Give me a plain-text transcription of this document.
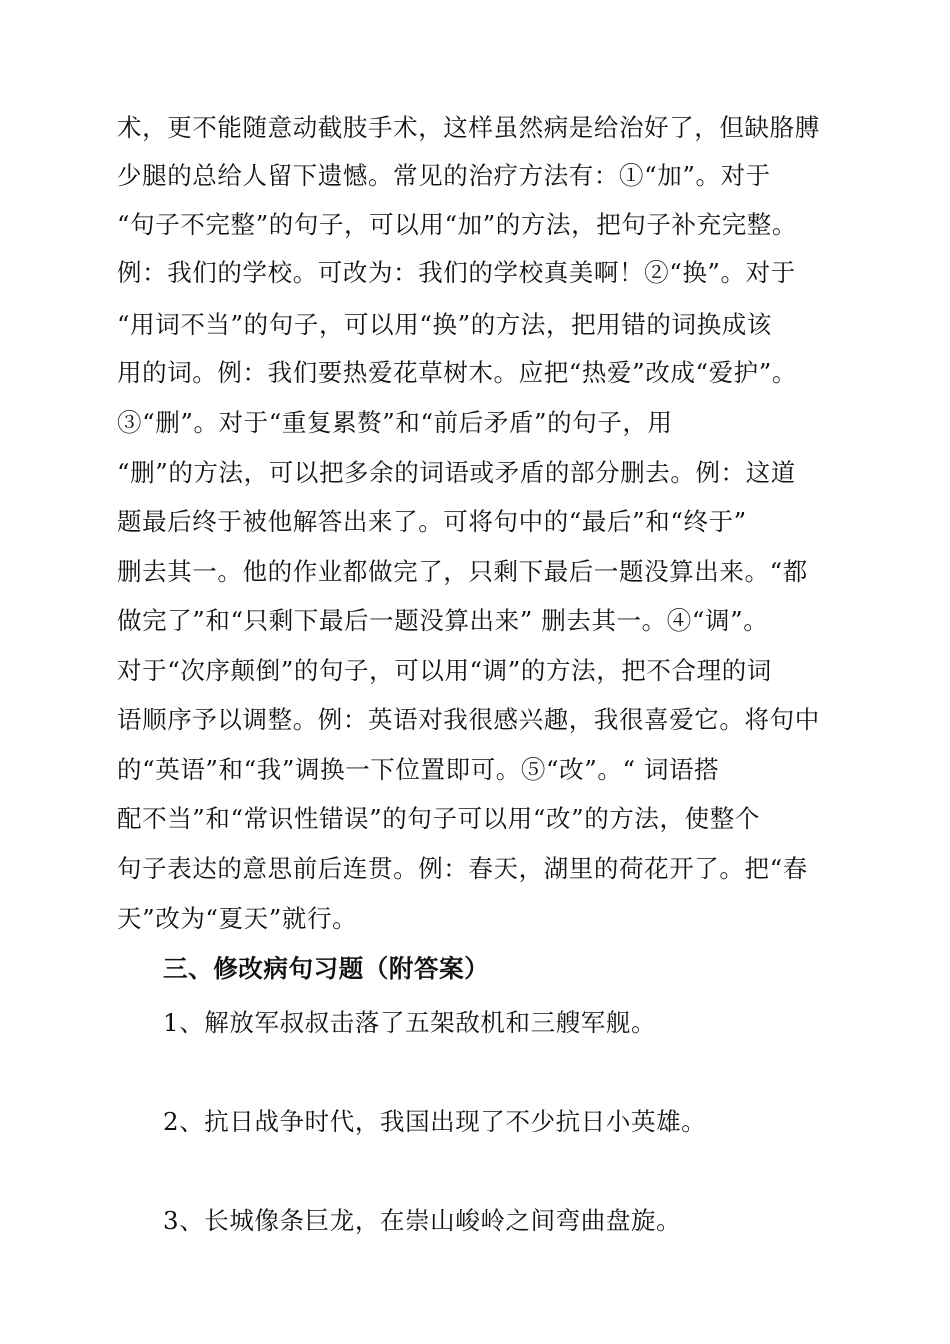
术，更不能随意动截肢手术，这样虽然病是给治好了，但缺胳膊
少腿的总给人留下遗憾。常见的治疗方法有：①“加”。对于
“句子不完整”的句子，可以用“加”的方法，把句子补充完整。
例：我们的学校。可改为：我们的学校真美啊！②“换”。对于
“用词不当”的句子，可以用“换”的方法，把用错的词换成该
用的词。例：我们要热爱花草树木。应把“热爱”改成“爱护”。
③“删”。对于“重复累赘”和“前后矛盾”的句子，用
“删”的方法，可以把多余的词语或矛盾的部分删去。例：这道
题最后终于被他解答出来了。可将句中的“最后”和“终于”
删去其一。他的作业都做完了，只剩下最后一题没算出来。“都
做完了”和“只剩下最后一题没算出来” 删去其一。④“调”。
对于“次序颠倒”的句子，可以用“调”的方法，把不合理的词
语顺序予以调整。例：英语对我很感兴趣，我很喜爱它。将句中
的“英语”和“我”调换一下位置即可。⑤“改”。“ 词语搭
配不当”和“常识性错误”的句子可以用“改”的方法，使整个
句子表达的意思前后连贯。例：春天，湖里的荷花开了。把“春
天”改为“夏天”就行。
三、修改病句习题（附答案）
1、解放军叔叔击落了五架敌机和三艘军舰。
2、抗日战争时代，我国出现了不少抗日小英雄。
3、长城像条巨龙，在崇山峻岭之间弯曲盘旋。
